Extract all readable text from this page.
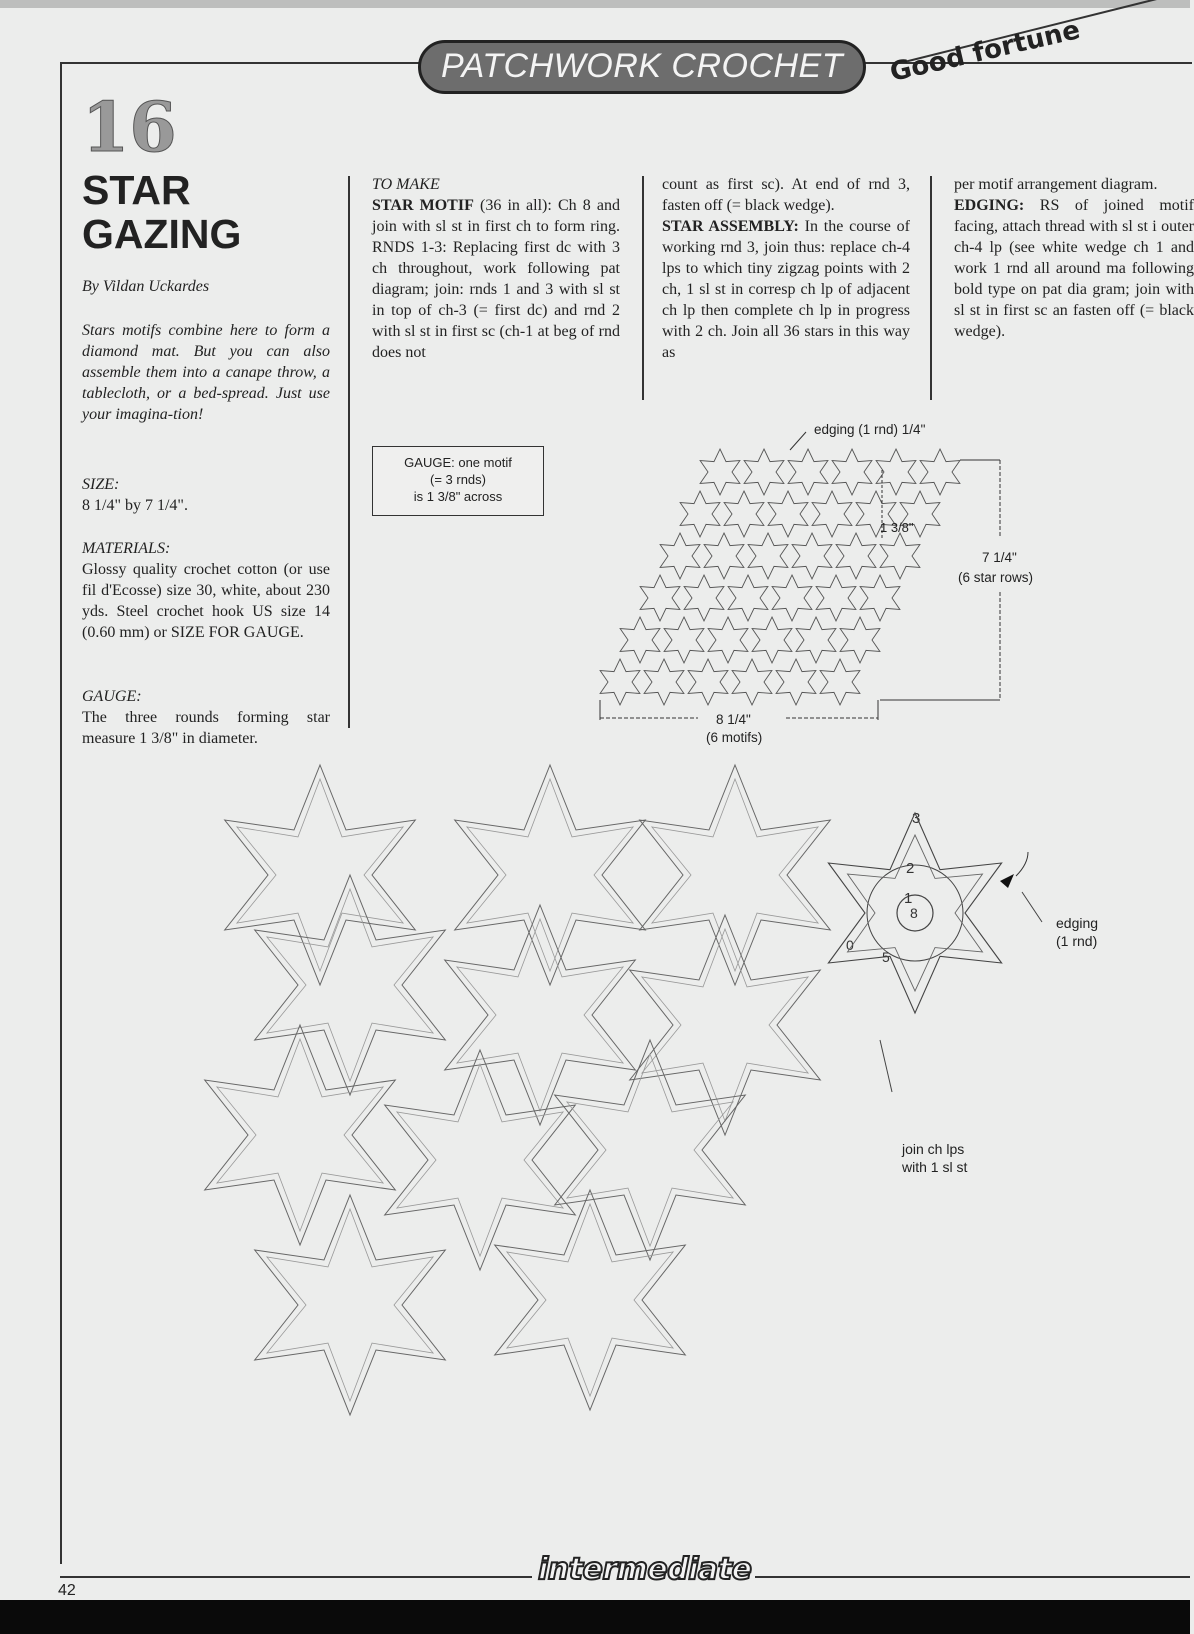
PATCHWORK CROCHET	Good fortune
16
STAR
GAZING
By Vildan Uckardes
Stars motifs combine here to form a diamond mat. But you can also assemble them into a canape throw, a tablecloth, or a bed-spread. Just use your imagina-tion!
SIZE:
8 1/4" by 7 1/4".
MATERIALS:
Glossy quality crochet cotton (or use fil d'Ecosse) size 30, white, about 230 yds. Steel crochet hook US size 14 (0.60 mm) or SIZE FOR GAUGE.
GAUGE:
The three rounds forming star measure 1 3/8" in diameter.
TO MAKE
STAR MOTIF (36 in all): Ch 8 and join with sl st in first ch to form ring. RNDS 1-3: Replacing first dc with 3 ch throughout, work following pat diagram; join: rnds 1 and 3 with sl st in top of ch-3 (= first dc) and rnd 2 with sl st in first sc (ch-1 at beg of rnd does not
count as first sc). At end of rnd 3, fasten off (= black wedge).
STAR ASSEMBLY: In the course of working rnd 3, join thus: replace ch-4 lps to which tiny zigzag points with 2 ch, 1 sl st in corresp ch lp of adjacent ch lp then complete ch lp in progress with 2 ch. Join all 36 stars in this way as
per motif arrangement diagram.
EDGING: RS of joined motif facing, attach thread with sl st i outer ch-4 lp (see white wedge ch 1 and work 1 rnd all around ma following bold type on pat dia gram; join with sl st in first sc an fasten off (= black wedge).
GAUGE: one motif
(= 3 rnds)
is 1 3/8" across
edging (1 rnd) 1/4"
1 3/8"
7 1/4"
(6 star rows)
8 1/4"
(6 motifs)
3
2
1
8
5
0
edging
(1 rnd)
join ch lps
with 1 sl st
intermediate
42
